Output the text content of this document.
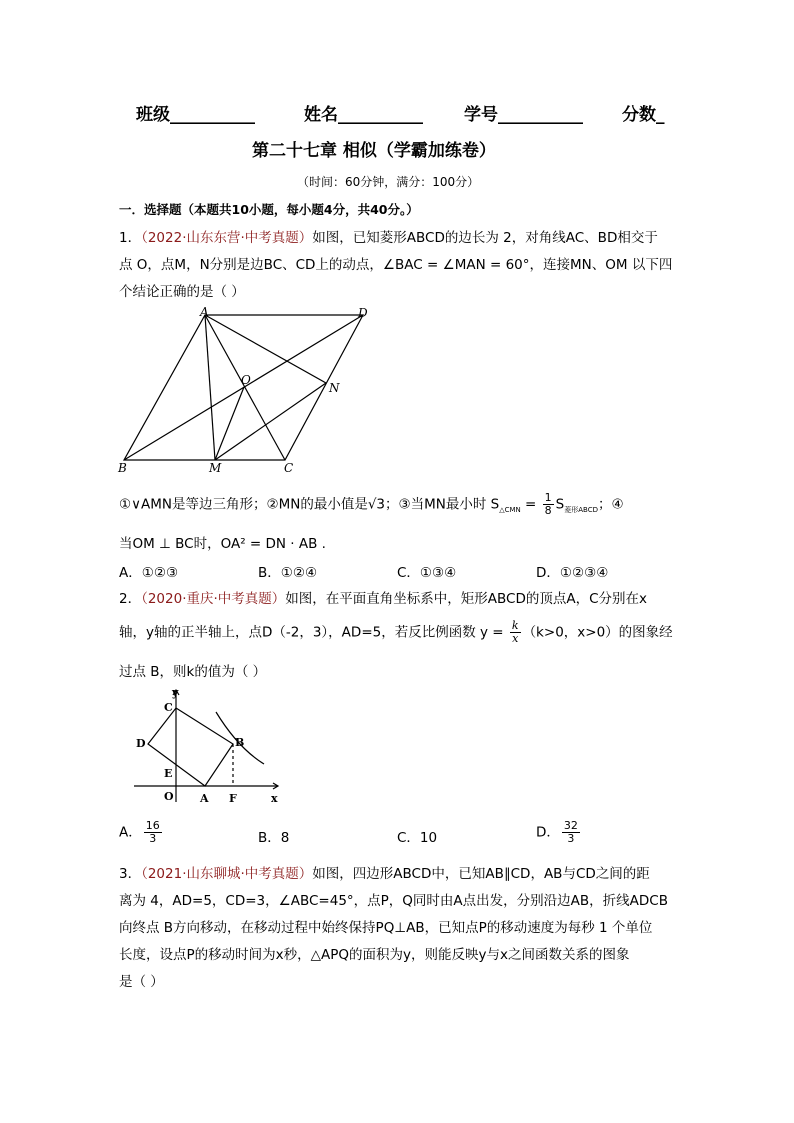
班级__________	姓名__________ 学号__________ 分数_
第二十七章 相似（学霸加练卷）
（时间：60分钟，满分：100分）
一．选择题（本题共10小题，每小题4分，共40分。）
1．（2022·山东东营·中考真题）如图，已知菱形ABCD的边长为 2，对角线AC、BD相交于
点 O，点M，N分别是边BC、CD上的动点，∠BAC = ∠MAN = 60°，连接MN、OM 以下四
个结论正确的是（ ）
A	D
O
N
B	M	C
①∨AMN是等边三角形；②MN的最小值是√3；③当MN最小时 $S_{\triangle CMN} = \frac{1}{8} S_{菱形ABCD}$；④
当OM ⊥ BC时，OA² = DN · AB .
A．①②③	B．①②④	C．①③④	D．①②③④
2．（2020·重庆·中考真题）如图，在平面直角坐标系中，矩形ABCD的顶点A，C分别在x
轴，y轴的正半轴上，点D（-2，3），AD=5，若反比例函数 $y = \frac{k}{x} (k>0$，x>0）的图象经
过点 B，则k的值为（ ）
y
C
D	B
E
O A F	x
A． $\frac{16}{3}$	B．8	C．10	D． $\frac{32}{3}$
3．（2021·山东聊城·中考真题）如图，四边形ABCD中，已知AB∥CD，AB与CD之间的距
离为 4，AD=5，CD=3，∠ABC=45°，点P，Q同时由A点出发，分别沿边AB，折线ADCB
向终点 B方向移动，在移动过程中始终保持PQ⊥AB，已知点P的移动速度为每秒 1 个单位
长度，设点P的移动时间为x秒，△APQ的面积为y，则能反映y与x之间函数关系的图象
是（ ）
